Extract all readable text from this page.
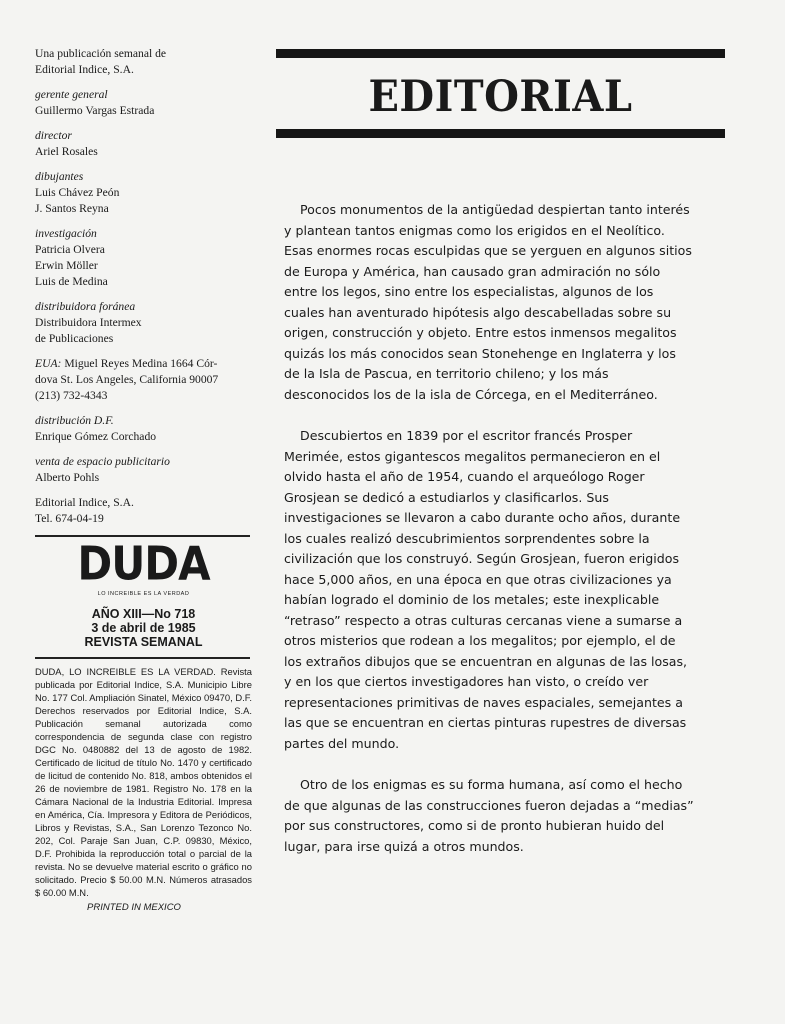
Una publicación semanal de
Editorial Indice, S.A.
gerente general
Guillermo Vargas Estrada
director
Ariel Rosales
dibujantes
Luis Chávez Peón
J. Santos Reyna
investigación
Patricia Olvera
Erwin Möller
Luis de Medina
distribuidora foránea
Distribuidora Intermex
de Publicaciones
EUA: Miguel Reyes Medina 1664 Cór-
dova St. Los Angeles, California 90007
(213) 732-4343
distribución D.F.
Enrique Gómez Corchado
venta de espacio publicitario
Alberto Pohls
Editorial Indice, S.A.
Tel. 674-04-19
DUDA
LO INCREIBLE ES LA VERDAD
AÑO XIII—No 718
3 de abril de 1985
REVISTA SEMANAL

DUDA, LO INCREIBLE ES LA VERDAD. Revista publicada por Editorial Indice, S.A. Municipio Libre No. 177 Col. Ampliación Sinatel, México 09470, D.F. Derechos reservados por Editorial Indice, S.A. Publicación semanal autorizada como correspondencia de segunda clase con registro DGC No. 0480882 del 13 de agosto de 1982. Certificado de licitud de título No. 1470 y certificado de licitud de contenido No. 818, ambos obtenidos el 26 de noviembre de 1981. Registro No. 178 en la Cámara Nacional de la Industria Editorial. Impresa en América, Cía. Impresora y Editora de Periódicos, Libros y Revistas, S.A., San Lorenzo Tezonco No. 202, Col. Paraje San Juan, C.P. 09830, México, D.F. Prohibida la reproducción total o parcial de la revista. No se devuelve material escrito o gráfico no solicitado. Precio $ 50.00 M.N. Números atrasados $ 60.00 M.N.

PRINTED IN MEXICO
EDITORIAL

Pocos monumentos de la antigüedad despiertan tanto interés y plantean tantos enigmas como los erigidos en el Neolítico. Esas enormes rocas esculpidas que se yerguen en algunos sitios de Europa y América, han causado gran admiración no sólo entre los legos, sino entre los especialistas, algunos de los cuales han aventurado hipótesis algo descabelladas sobre su origen, construcción y objeto. Entre estos inmensos megalitos quizás los más conocidos sean Stonehenge en Inglaterra y los de la Isla de Pascua, en territorio chileno; y los más desconocidos los de la isla de Córcega, en el Mediterráneo.

Descubiertos en 1839 por el escritor francés Prosper Merimée, estos gigantescos megalitos permanecieron en el olvido hasta el año de 1954, cuando el arqueólogo Roger Grosjean se dedicó a estudiarlos y clasificarlos. Sus investigaciones se llevaron a cabo durante ocho años, durante los cuales realizó descubrimientos sorprendentes sobre la civilización que los construyó. Según Grosjean, fueron erigidos hace 5,000 años, en una época en que otras civilizaciones ya habían logrado el dominio de los metales; este inexplicable “retraso” respecto a otras culturas cercanas viene a sumarse a otros misterios que rodean a los megalitos; por ejemplo, el de los extraños dibujos que se encuentran en algunas de las losas, y en los que ciertos investigadores han visto, o creído ver representaciones primitivas de naves espaciales, semejantes a las que se encuentran en ciertas pinturas rupestres de diversas partes del mundo.

Otro de los enigmas es su forma humana, así como el hecho de que algunas de las construcciones fueron dejadas a “medias” por sus constructores, como si de pronto hubieran huido del lugar, para irse quizá a otros mundos.
